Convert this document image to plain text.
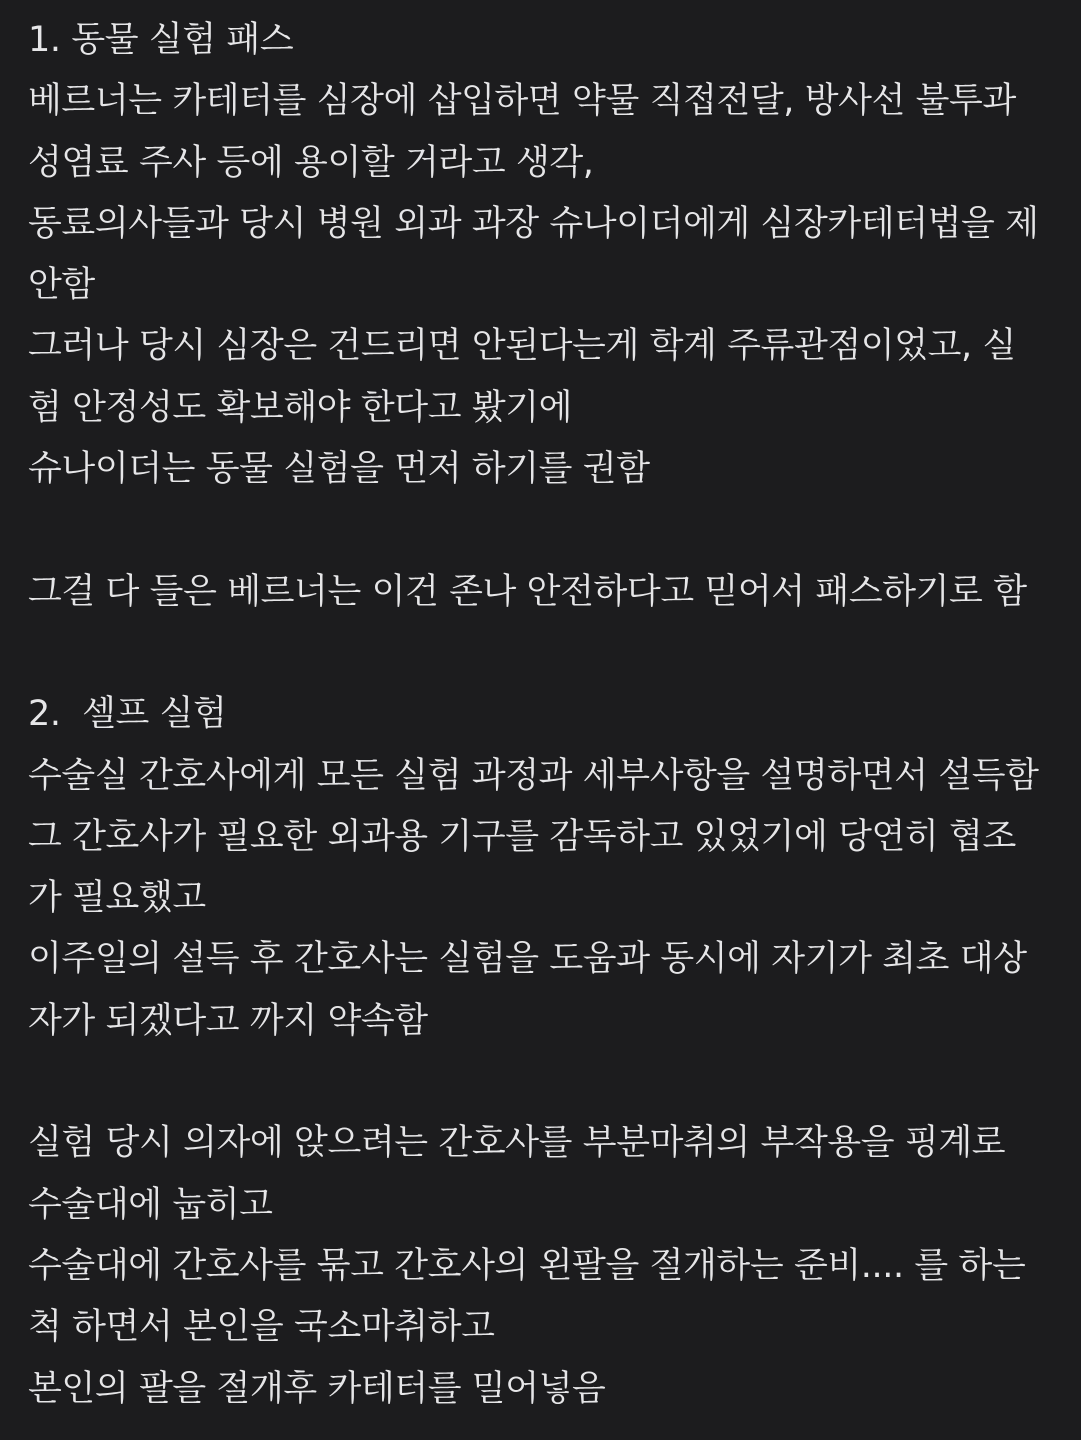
1. 동물 실험 패스
베르너는 카테터를 심장에 삽입하면 약물 직접전달, 방사선 불투과
성염료 주사 등에 용이할 거라고 생각,
동료의사들과 당시 병원 외과 과장 슈나이더에게 심장카테터법을 제
안함
그러나 당시 심장은 건드리면 안된다는게 학계 주류관점이었고, 실
험 안정성도 확보해야 한다고 봤기에
슈나이더는 동물 실험을 먼저 하기를 권함
그걸 다 들은 베르너는 이건 존나 안전하다고 믿어서 패스하기로 함
2.  셀프 실험
수술실 간호사에게 모든 실험 과정과 세부사항을 설명하면서 설득함
그 간호사가 필요한 외과용 기구를 감독하고 있었기에 당연히 협조
가 필요했고
이주일의 설득 후 간호사는 실험을 도움과 동시에 자기가 최초 대상
자가 되겠다고 까지 약속함
실험 당시 의자에 앉으려는 간호사를 부분마취의 부작용을 핑계로
수술대에 눕히고
수술대에 간호사를 묶고 간호사의 왼팔을 절개하는 준비.... 를 하는
척 하면서 본인을 국소마취하고
본인의 팔을 절개후 카테터를 밀어넣음
